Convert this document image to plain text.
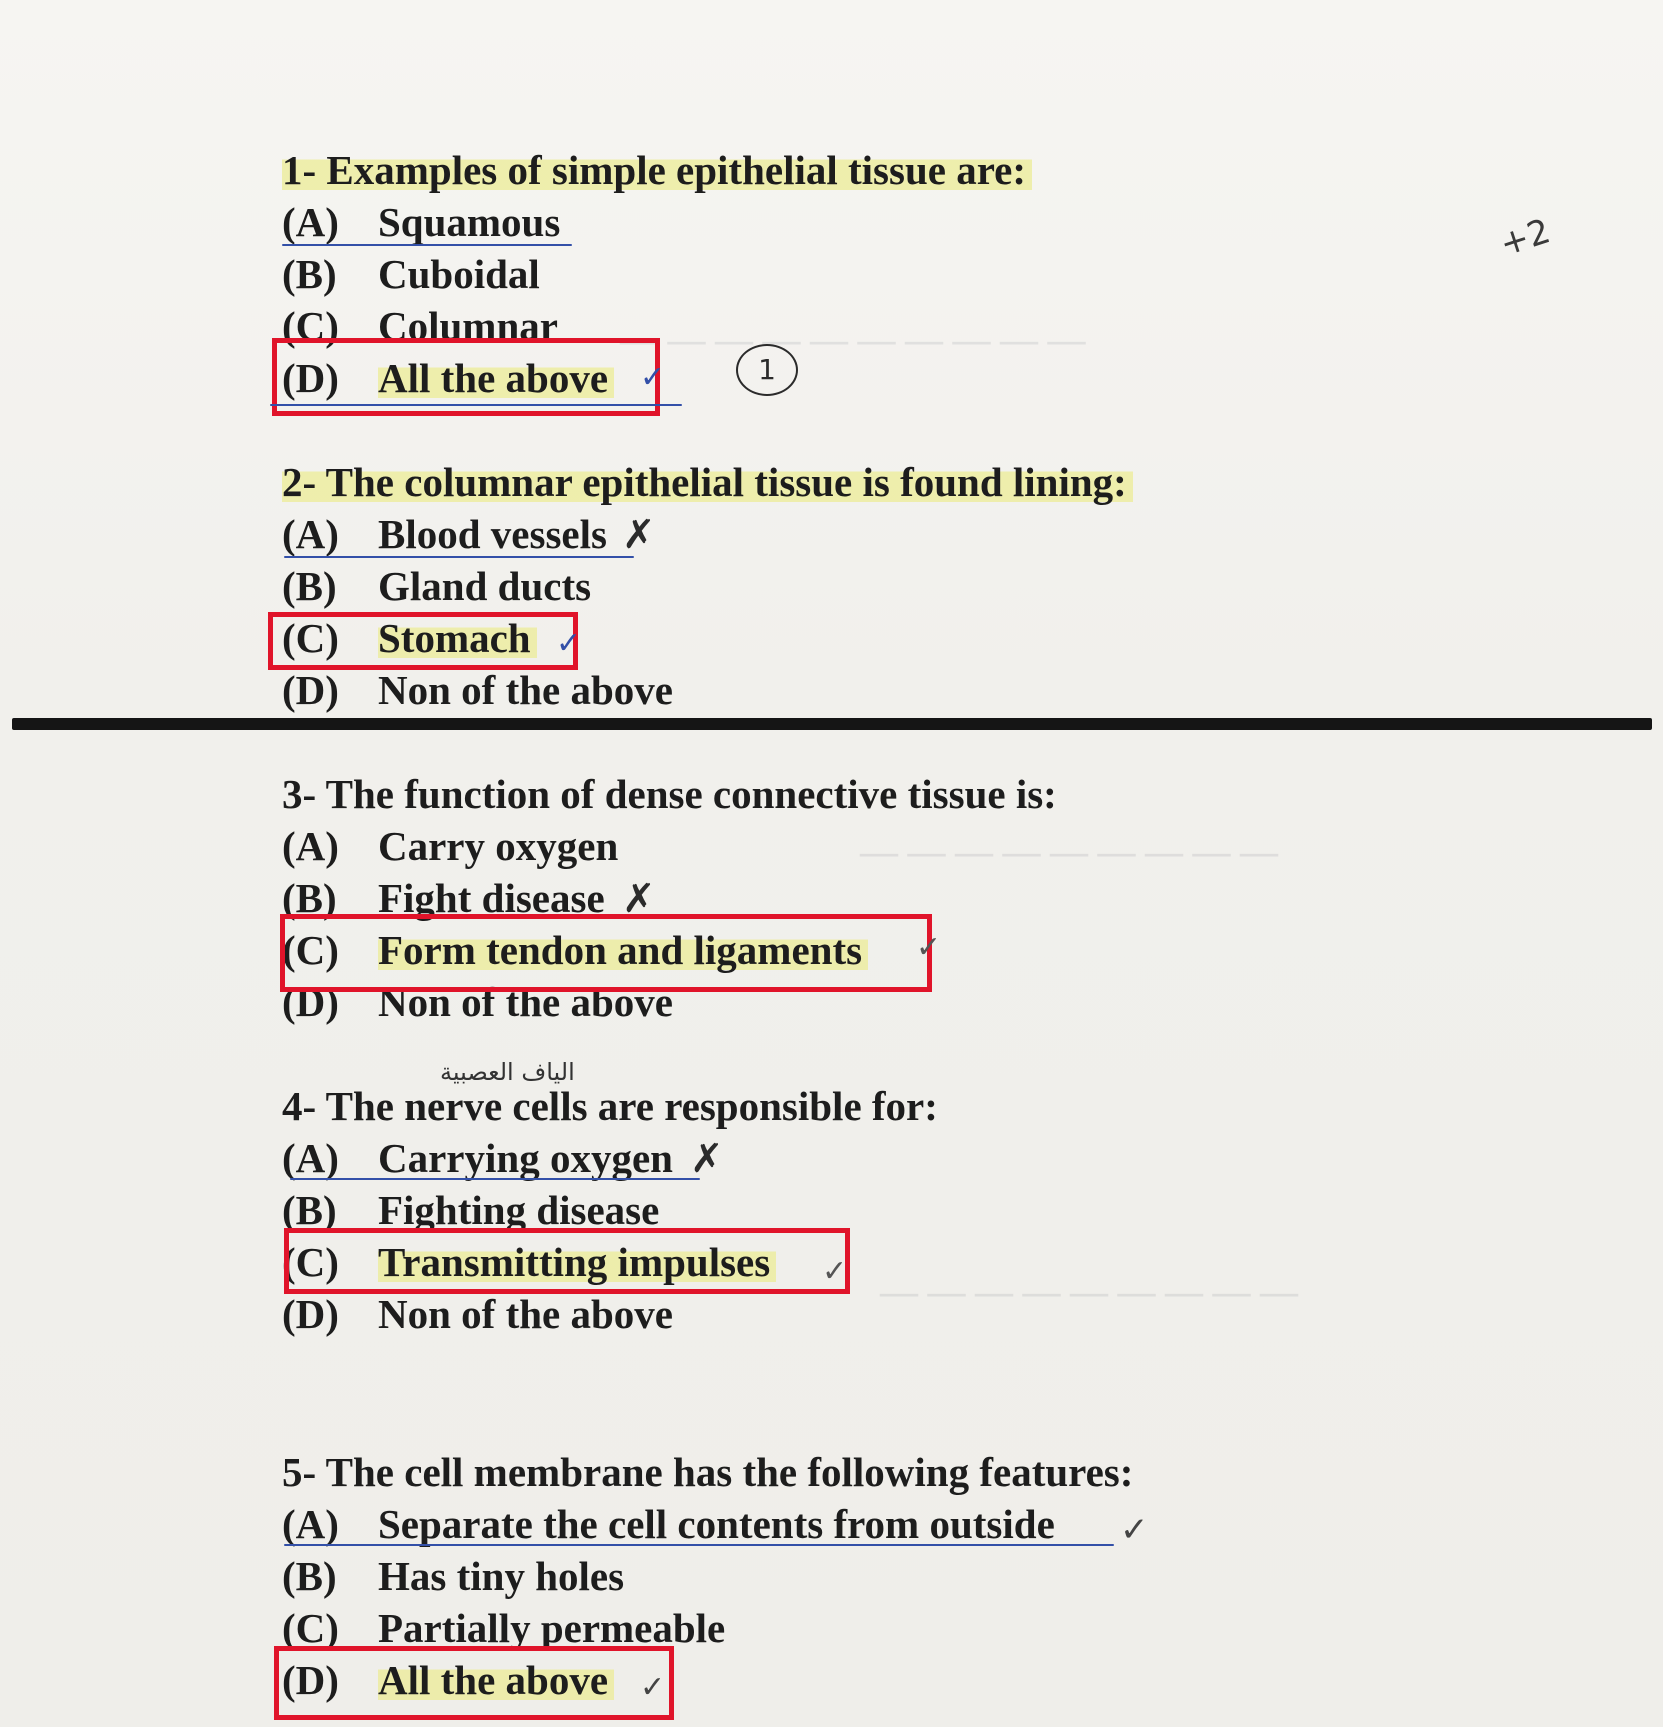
— — — — — — — — — —
— — — — — — — — —
— — — — — — — — —
1- Examples of simple epithelial tissue are:
(A) Squamous
(B)	Cuboidal
(C) Columnar
(D) All the above
2- The columnar epithelial tissue is found lining:
(A) Blood vessels
(B)	Gland ducts
(C) Stomach
(D) Non of the above
✗
3- The function of dense connective tissue is:
(A) Carry oxygen
(B)	Fight disease
(C) Form tendon and ligaments
(D) Non of the above
✗
4- The nerve cells are responsible for:
(A) Carrying oxygen
(B)	Fighting disease
(C) Transmitting impulses
(D) Non of the above
✗
الياف العصبية
5- The cell membrane has the following features:
(A) Separate the cell contents from outside
(B)	Has tiny holes
(C) Partially permeable
(D) All the above
1
+2
✓
✓
✓
✓
✓
✓
